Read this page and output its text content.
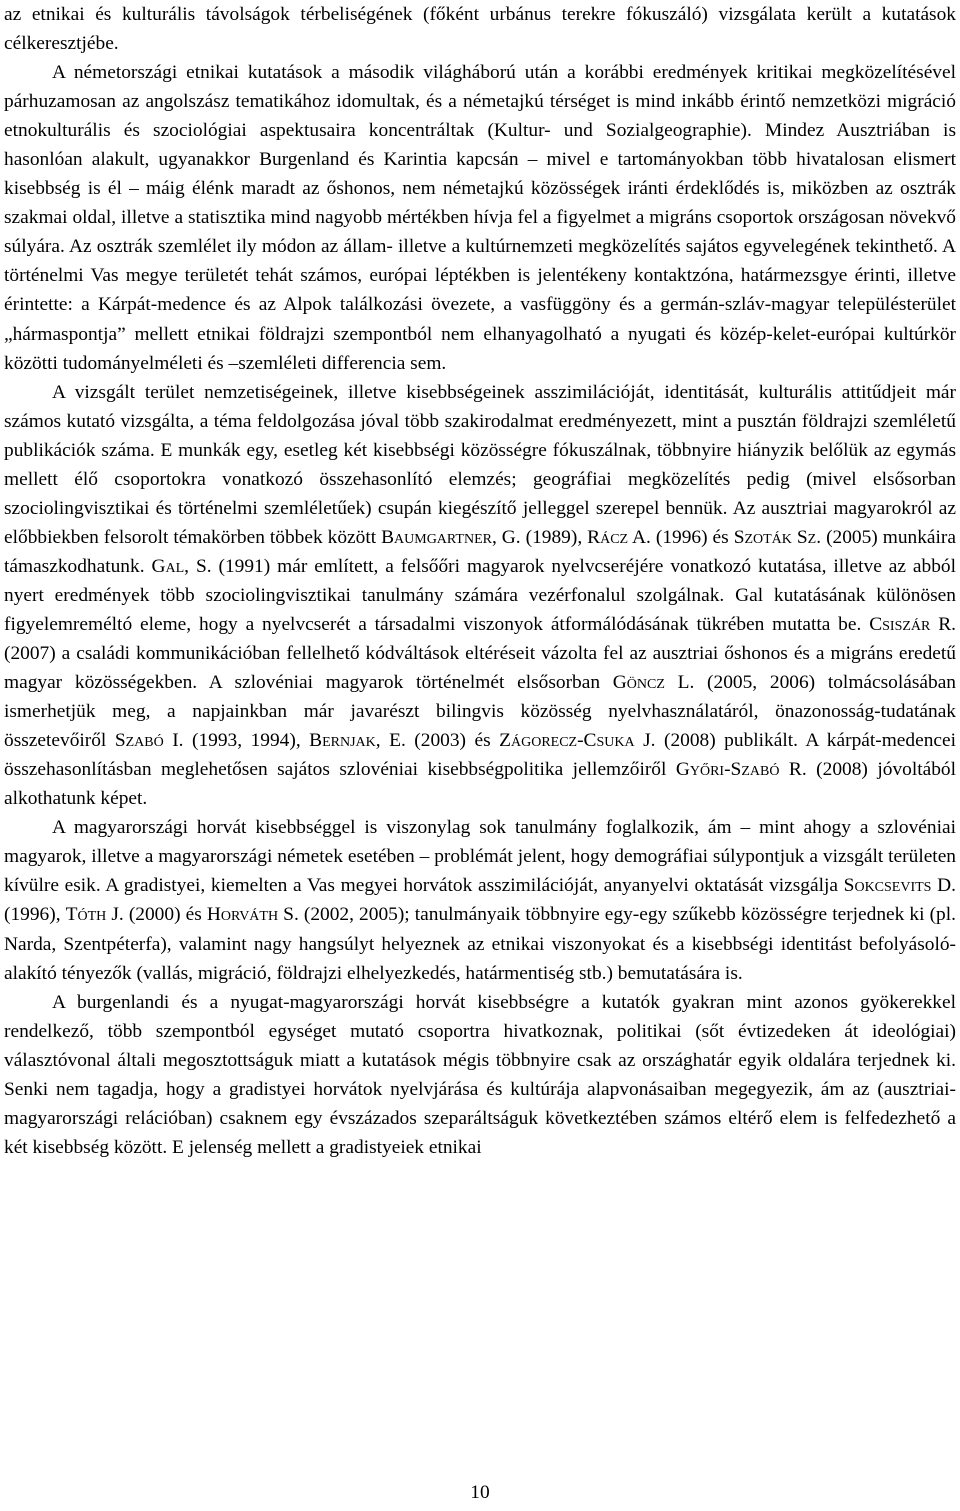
az etnikai és kulturális távolságok térbeliségének (főként urbánus terekre fókuszáló) vizsgálata került a kutatások célkeresztjébe.

A németországi etnikai kutatások a második világháború után a korábbi eredmények kritikai megközelítésével párhuzamosan az angolszász tematikához idomultak, és a németajkú térséget is mind inkább érintő nemzetközi migráció etnokulturális és szociológiai aspektusaira koncentráltak (Kultur- und Sozialgeographie). Mindez Ausztriában is hasonlóan alakult, ugyanakkor Burgenland és Karintia kapcsán – mivel e tartományokban több hivatalosan elismert kisebbség is él – máig élénk maradt az őshonos, nem németajkú közösségek iránti érdeklődés is, miközben az osztrák szakmai oldal, illetve a statisztika mind nagyobb mértékben hívja fel a figyelmet a migráns csoportok országosan növekvő súlyára. Az osztrák szemlélet ily módon az állam- illetve a kultúrnemzeti megközelítés sajátos egyvelegének tekinthető. A történelmi Vas megye területét tehát számos, európai léptékben is jelentékeny kontaktzóna, határmezsgye érinti, illetve érintette: a Kárpát-medence és az Alpok találkozási övezete, a vasfüggöny és a germán-szláv-magyar településterület „hármaspontja” mellett etnikai földrajzi szempontból nem elhanyagolható a nyugati és közép-kelet-európai kultúrkör közötti tudományelméleti és –szemléleti differencia sem.

A vizsgált terület nemzetiségeinek, illetve kisebbségeinek asszimilációját, identitását, kulturális attitűdjeit már számos kutató vizsgálta, a téma feldolgozása jóval több szakirodalmat eredményezett, mint a pusztán földrajzi szemléletű publikációk száma. E munkák egy, esetleg két kisebbségi közösségre fókuszálnak, többnyire hiányzik belőlük az egymás mellett élő csoportokra vonatkozó összehasonlító elemzés; geográfiai megközelítés pedig (mivel elsősorban szociolingvisztikai és történelmi szemléletűek) csupán kiegészítő jelleggel szerepel bennük. Az ausztriai magyarokról az előbbiekben felsorolt témakörben többek között Baumgartner, G. (1989), Rácz A. (1996) és Szoták Sz. (2005) munkáira támaszkodhatunk. Gal, S. (1991) már említett, a felsőőri magyarok nyelvcseréjére vonatkozó kutatása, illetve az abból nyert eredmények több szociolingvisztikai tanulmány számára vezérfonalul szolgálnak. Gal kutatásának különösen figyelemreméltó eleme, hogy a nyelvcserét a társadalmi viszonyok átformálódásának tükrében mutatta be. Csiszár R. (2007) a családi kommunikációban fellelhető kódváltások eltéréseit vázolta fel az ausztriai őshonos és a migráns eredetű magyar közösségekben. A szlovéniai magyarok történelmét elsősorban Göncz L. (2005, 2006) tolmácsolásában ismerhetjük meg, a napjainkban már javarészt bilingvis közösség nyelvhasználatáról, önazonosság-tudatának összetevőiről Szabó I. (1993, 1994), Bernjak, E. (2003) és Zágorecz-Csuka J. (2008) publikált. A kárpát-medencei összehasonlításban meglehetősen sajátos szlovéniai kisebbségpolitika jellemzőiről Győri-Szabó R. (2008) jóvoltából alkothatunk képet.

A magyarországi horvát kisebbséggel is viszonylag sok tanulmány foglalkozik, ám – mint ahogy a szlovéniai magyarok, illetve a magyarországi németek esetében – problémát jelent, hogy demográfiai súlypontjuk a vizsgált területen kívülre esik. A gradistyei, kiemelten a Vas megyei horvátok asszimilációját, anyanyelvi oktatását vizsgálja Sokcsevits D. (1996), Tóth J. (2000) és Horváth S. (2002, 2005); tanulmányaik többnyire egy-egy szűkebb közösségre terjednek ki (pl. Narda, Szentpéterfa), valamint nagy hangsúlyt helyeznek az etnikai viszonyokat és a kisebbségi identitást befolyásoló-alakító tényezők (vallás, migráció, földrajzi elhelyezkedés, határmentiség stb.) bemutatására is.

A burgenlandi és a nyugat-magyarországi horvát kisebbségre a kutatók gyakran mint azonos gyökerekkel rendelkező, több szempontból egységet mutató csoportra hivatkoznak, politikai (sőt évtizedeken át ideológiai) választóvonal általi megosztottságuk miatt a kutatások mégis többnyire csak az országhatár egyik oldalára terjednek ki. Senki nem tagadja, hogy a gradistyei horvátok nyelvjárása és kultúrája alapvonásaiban megegyezik, ám az (ausztriai-magyarországi relációban) csaknem egy évszázados szeparáltságuk következtében számos eltérő elem is felfedezhető a két kisebbség között. E jelenség mellett a gradistyeiek etnikai

10
